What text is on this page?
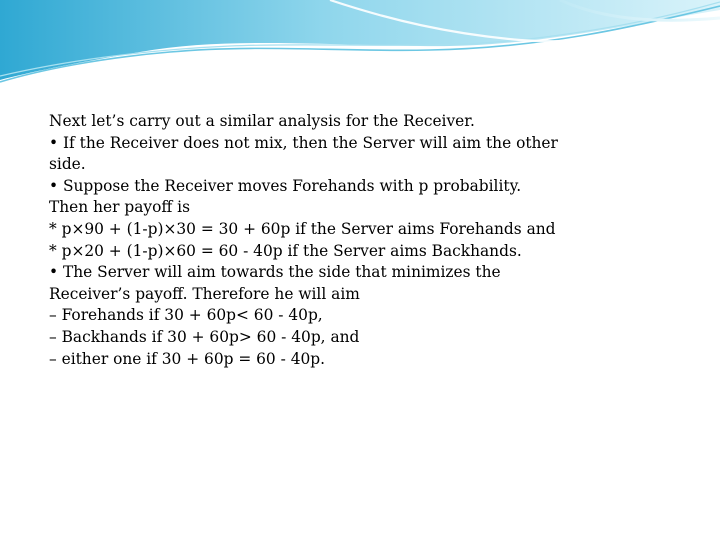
Next let’s carry out a similar analysis for the Receiver.
• If the Receiver does not mix, then the Server will aim the other
side.
• Suppose the Receiver moves Forehands with p probability.
Then her payoff is
* p×90 + (1-p)×30 = 30 + 60p if the Server aims Forehands and
* p×20 + (1-p)×60 = 60 - 40p if the Server aims Backhands.
• The Server will aim towards the side that minimizes the
Receiver’s payoff. Therefore he will aim
– Forehands if 30 + 60p< 60 - 40p,
– Backhands if 30 + 60p> 60 - 40p, and
– either one if 30 + 60p = 60 - 40p.
